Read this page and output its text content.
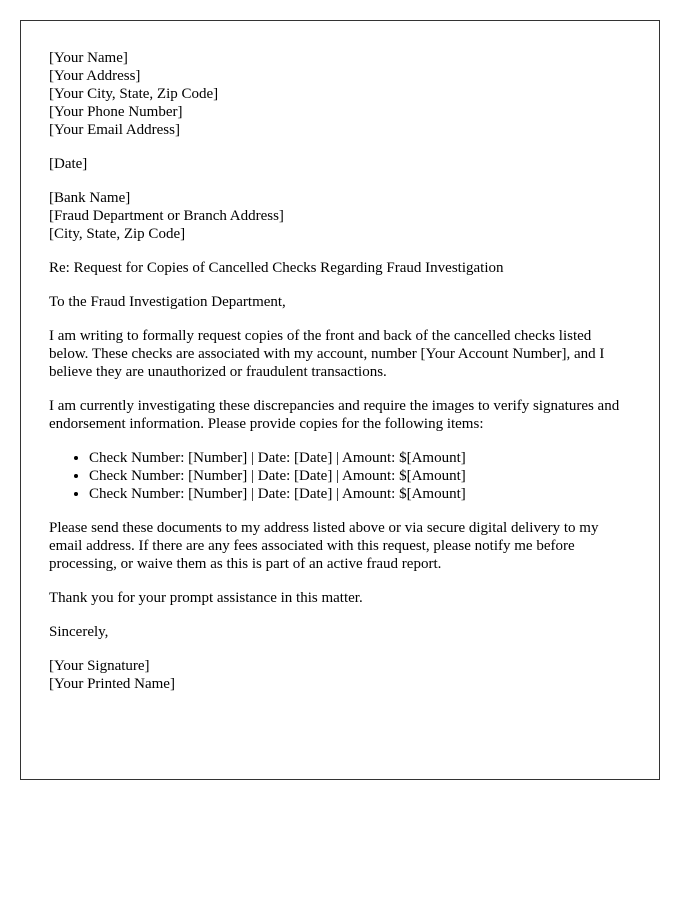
[Your Name]
[Your Address]
[Your City, State, Zip Code]
[Your Phone Number]
[Your Email Address]

[Date]

[Bank Name]
[Fraud Department or Branch Address]
[City, State, Zip Code]

Re: Request for Copies of Cancelled Checks Regarding Fraud Investigation

To the Fraud Investigation Department,

I am writing to formally request copies of the front and back of the cancelled checks listed below. These checks are associated with my account, number [Your Account Number], and I believe they are unauthorized or fraudulent transactions.

I am currently investigating these discrepancies and require the images to verify signatures and endorsement information. Please provide copies for the following items:

• Check Number: [Number] | Date: [Date] | Amount: $[Amount]
• Check Number: [Number] | Date: [Date] | Amount: $[Amount]
• Check Number: [Number] | Date: [Date] | Amount: $[Amount]

Please send these documents to my address listed above or via secure digital delivery to my email address. If there are any fees associated with this request, please notify me before processing, or waive them as this is part of an active fraud report.

Thank you for your prompt assistance in this matter.

Sincerely,

[Your Signature]
[Your Printed Name]
